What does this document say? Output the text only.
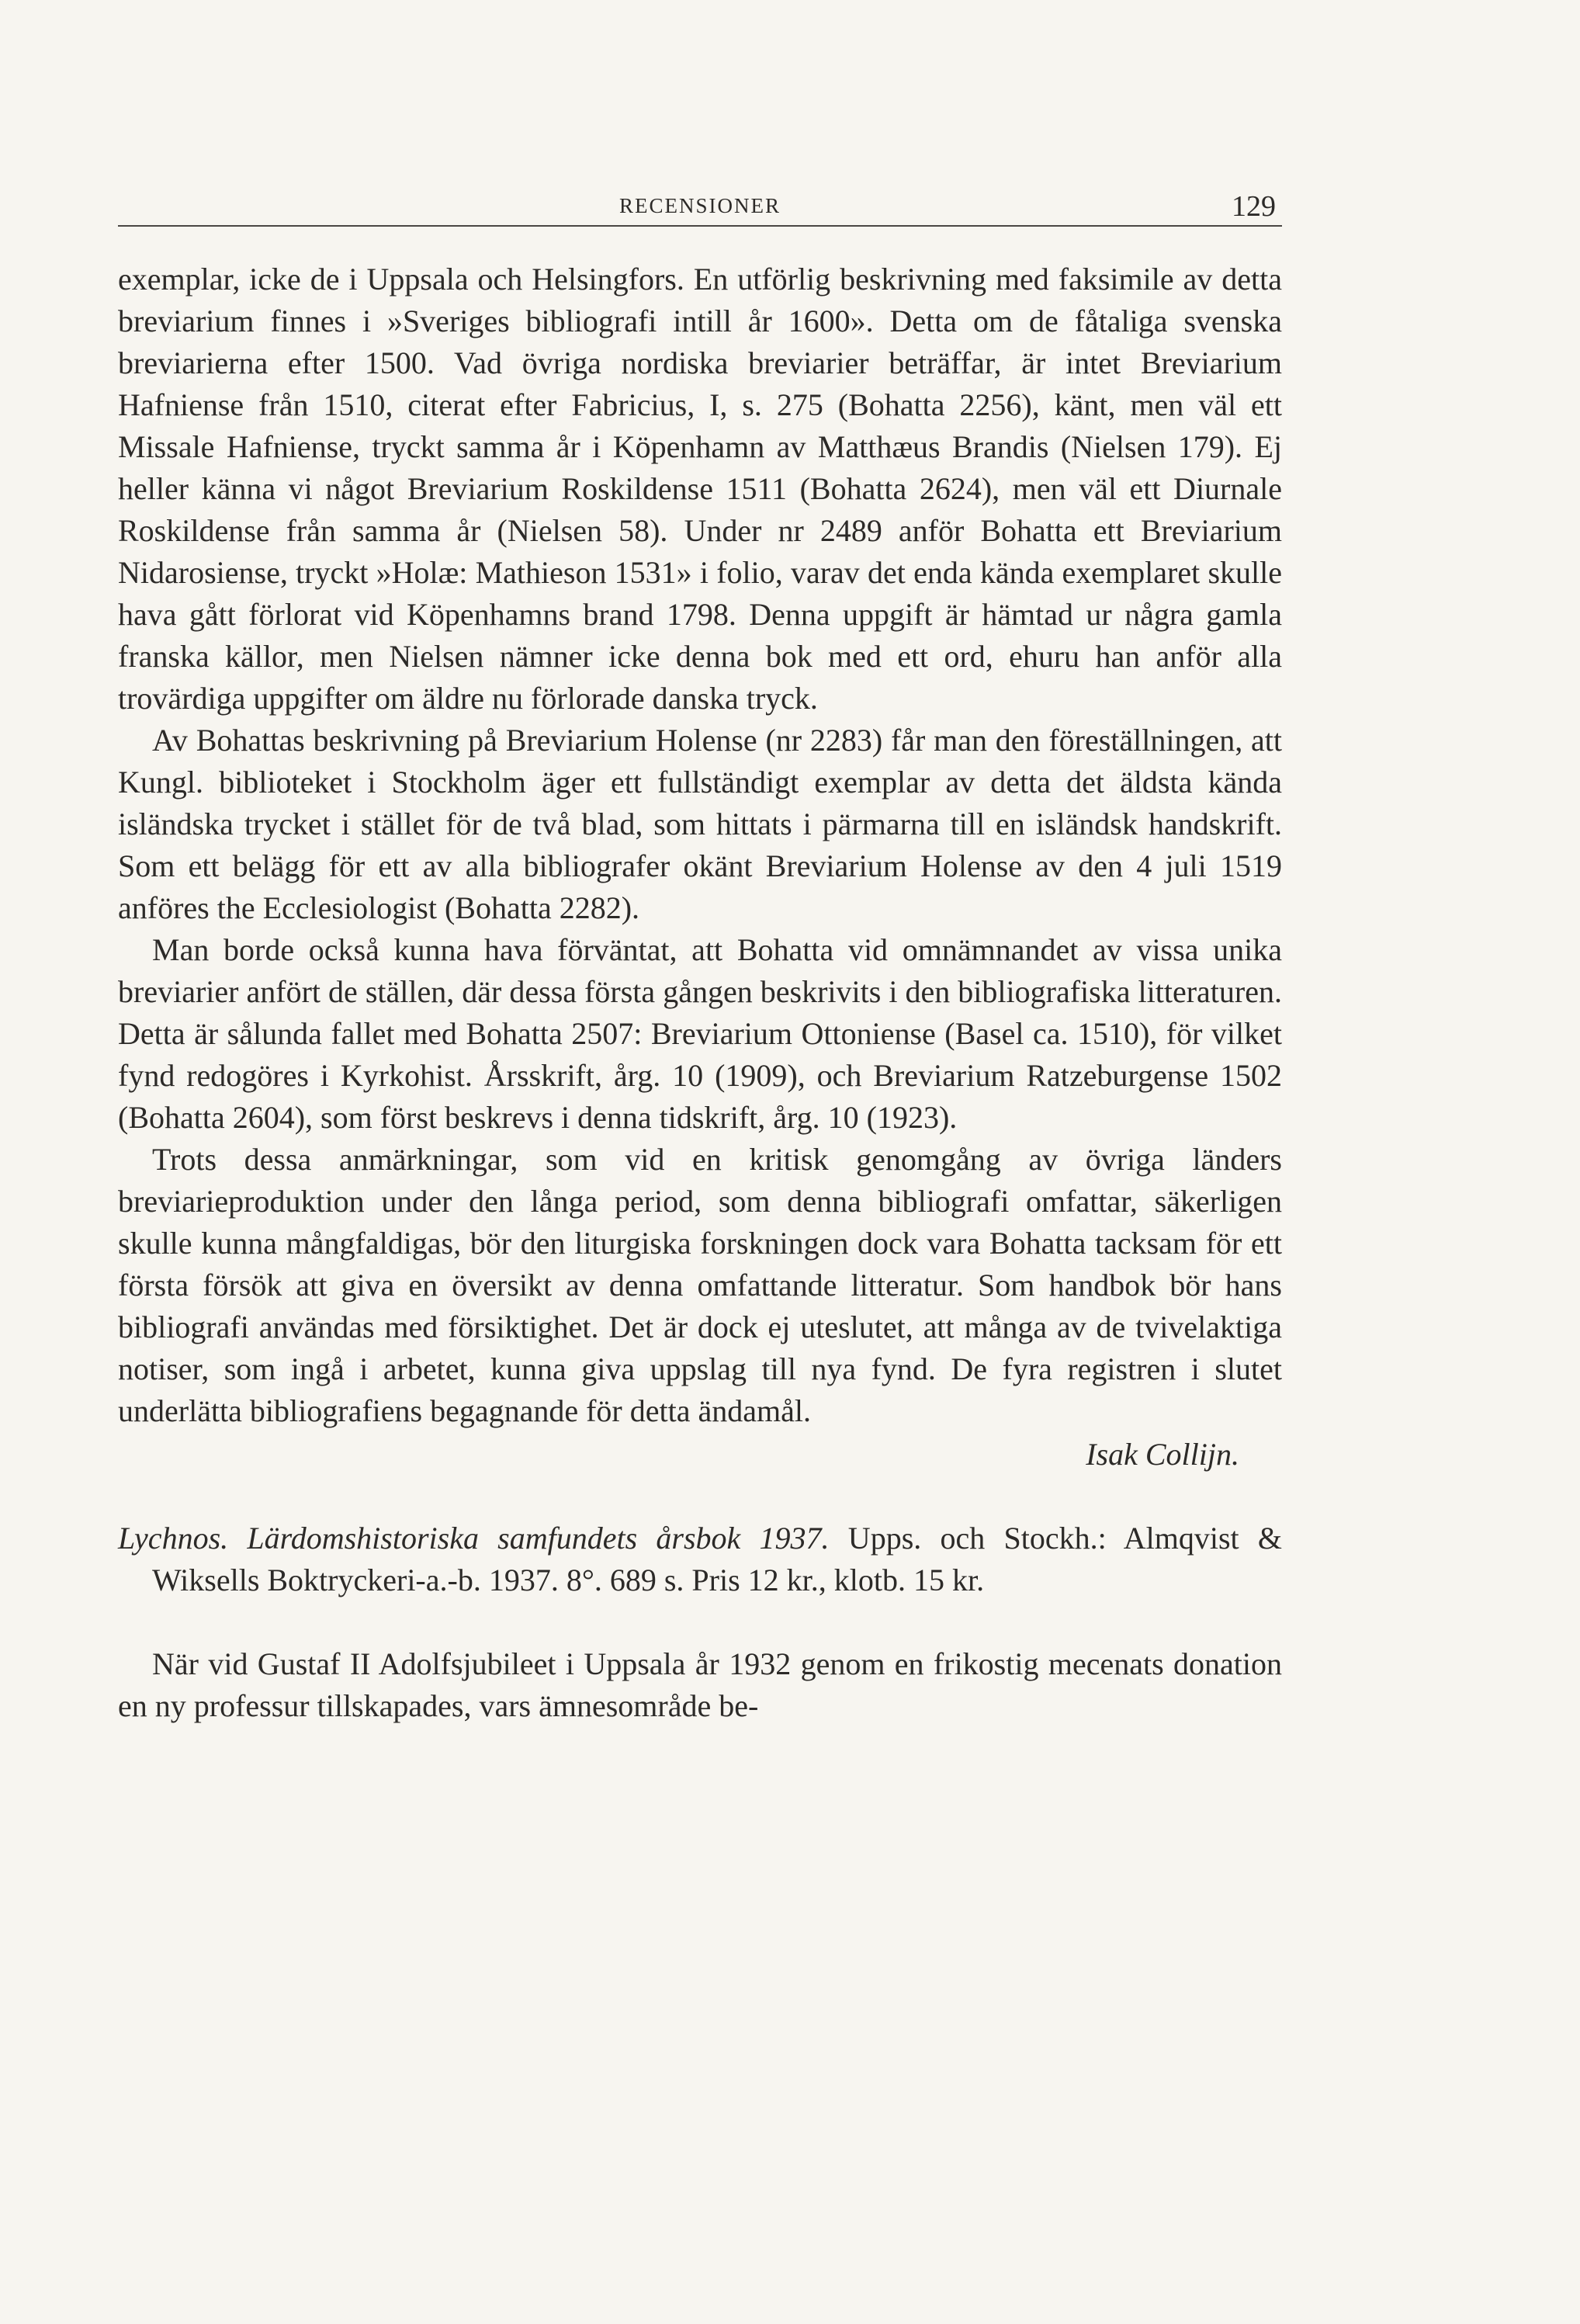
RECENSIONER	129

exemplar, icke de i Uppsala och Helsingfors. En utförlig beskrivning med faksimile av detta breviarium finnes i »Sveriges bibliografi intill år 1600». Detta om de fåtaliga svenska breviarierna efter 1500. Vad övriga nordiska breviarier beträffar, är intet Breviarium Hafniense från 1510, citerat efter Fabricius, I, s. 275 (Bohatta 2256), känt, men väl ett Missale Hafniense, tryckt samma år i Köpenhamn av Matthæus Brandis (Nielsen 179). Ej heller känna vi något Breviarium Roskildense 1511 (Bohatta 2624), men väl ett Diurnale Roskildense från samma år (Nielsen 58). Under nr 2489 anför Bohatta ett Breviarium Nidarosiense, tryckt »Holæ: Mathieson 1531» i folio, varav det enda kända exemplaret skulle hava gått förlorat vid Köpenhamns brand 1798. Denna uppgift är hämtad ur några gamla franska källor, men Nielsen nämner icke denna bok med ett ord, ehuru han anför alla trovärdiga uppgifter om äldre nu förlorade danska tryck.

Av Bohattas beskrivning på Breviarium Holense (nr 2283) får man den föreställningen, att Kungl. biblioteket i Stockholm äger ett fullständigt exemplar av detta det äldsta kända isländska trycket i stället för de två blad, som hittats i pärmarna till en isländsk handskrift. Som ett belägg för ett av alla bibliografer okänt Breviarium Holense av den 4 juli 1519 anföres the Ecclesiologist (Bohatta 2282).

Man borde också kunna hava förväntat, att Bohatta vid omnämnandet av vissa unika breviarier anfört de ställen, där dessa första gången beskrivits i den bibliografiska litteraturen. Detta är sålunda fallet med Bohatta 2507: Breviarium Ottoniense (Basel ca. 1510), för vilket fynd redogöres i Kyrkohist. Årsskrift, årg. 10 (1909), och Breviarium Ratzeburgense 1502 (Bohatta 2604), som först beskrevs i denna tidskrift, årg. 10 (1923).

Trots dessa anmärkningar, som vid en kritisk genomgång av övriga länders breviarieproduktion under den långa period, som denna bibliografi omfattar, säkerligen skulle kunna mångfaldigas, bör den liturgiska forskningen dock vara Bohatta tacksam för ett första försök att giva en översikt av denna omfattande litteratur. Som handbok bör hans bibliografi användas med försiktighet. Det är dock ej uteslutet, att många av de tvivelaktiga notiser, som ingå i arbetet, kunna giva uppslag till nya fynd. De fyra registren i slutet underlätta bibliografiens begagnande för detta ändamål.

Isak Collijn.

Lychnos. Lärdomshistoriska samfundets årsbok 1937. Upps. och Stockh.: Almqvist & Wiksells Boktryckeri-a.-b. 1937. 8°. 689 s. Pris 12 kr., klotb. 15 kr.

När vid Gustaf II Adolfsjubileet i Uppsala år 1932 genom en frikostig mecenats donation en ny professur tillskapades, vars ämnesområde be-
